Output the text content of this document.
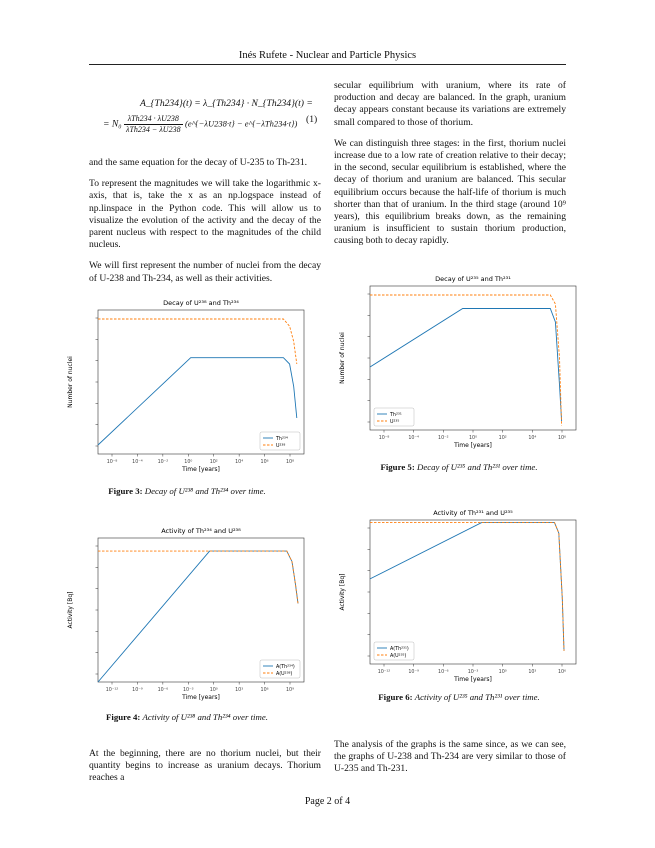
Inés Rufete - Nuclear and Particle Physics
A_{Th234}(t) = λ_{Th234} · N_{Th234}(t) =
= $N_0 \frac{\text{λTh234 · λU238}}{\text{λTh234 − λU238}}$ (e^{−λU238·t} − e^{−λTh234·t}) (1)

and the same equation for the decay of U-235 to Th-231.

To represent the magnitudes we will take the logarithmic x-axis, that is, take the x as an np.logspace instead of np.linspace in the Python code. This will allow us to visualize the evolution of the activity and the decay of the parent nucleus with respect to the magnitudes of the child nucleus.

We will first represent the number of nuclei from the decay of U-238 and Th-234, as well as their activities.

secular equilibrium with uranium, where its rate of production and decay are balanced. In the graph, uranium decay appears constant because its variations are extremely small compared to those of thorium.

We can distinguish three stages: in the first, thorium nuclei increase due to a low rate of creation relative to their decay; in the second, secular equilibrium is established, where the decay of thorium and uranium are balanced. This secular equilibrium occurs because the half-life of thorium is much shorter than that of uranium. In the third stage (around 10⁹ years), this equilibrium breaks down, as the remaining uranium is insufficient to sustain thorium production, causing both to decay rapidly.

Decay of U²³⁸ and Th²³⁴
10⁻⁸	10⁻⁴	10⁻²	10⁰	10²	10⁴	10⁶	10⁸
Time [years]
Number of nuclei
Th²³⁴
U²³⁸
Activity of Th²³⁴ and U²³⁸
10⁻¹²	10⁻⁹	10⁻⁶	10⁻³	10⁰	10³	10⁶	10⁹
Time [years]
Activity [Bq]
A(Th²³⁴)
A(U²³⁸)
Decay of U²³⁵ and Th²³¹
10⁻⁸	10⁻⁴	10⁻²	10⁰	10²	10⁴	10⁶
Time [years]
Number of nuclei
Th²³¹
U²³⁵
Activity of Th²³¹ and U²³⁵
10⁻¹²	10⁻⁹	10⁻⁶	10⁻³	10⁰	10³	10⁶
Time [years]
Activity [Bq]
A(Th²³¹)
A(U²³⁵)
Figure 3: Decay of U²³⁸ and Th²³⁴ over time.
Figure 4: Activity of U²³⁸ and Th²³⁴ over time.
Figure 5: Decay of U²³⁵ and Th²³¹ over time.
Figure 6: Activity of U²³⁵ and Th²³¹ over time.

At the beginning, there are no thorium nuclei, but their quantity begins to increase as uranium decays. Thorium reaches a

The analysis of the graphs is the same since, as we can see, the graphs of U-238 and Th-234 are very similar to those of U-235 and Th-231.

Page 2 of 4
